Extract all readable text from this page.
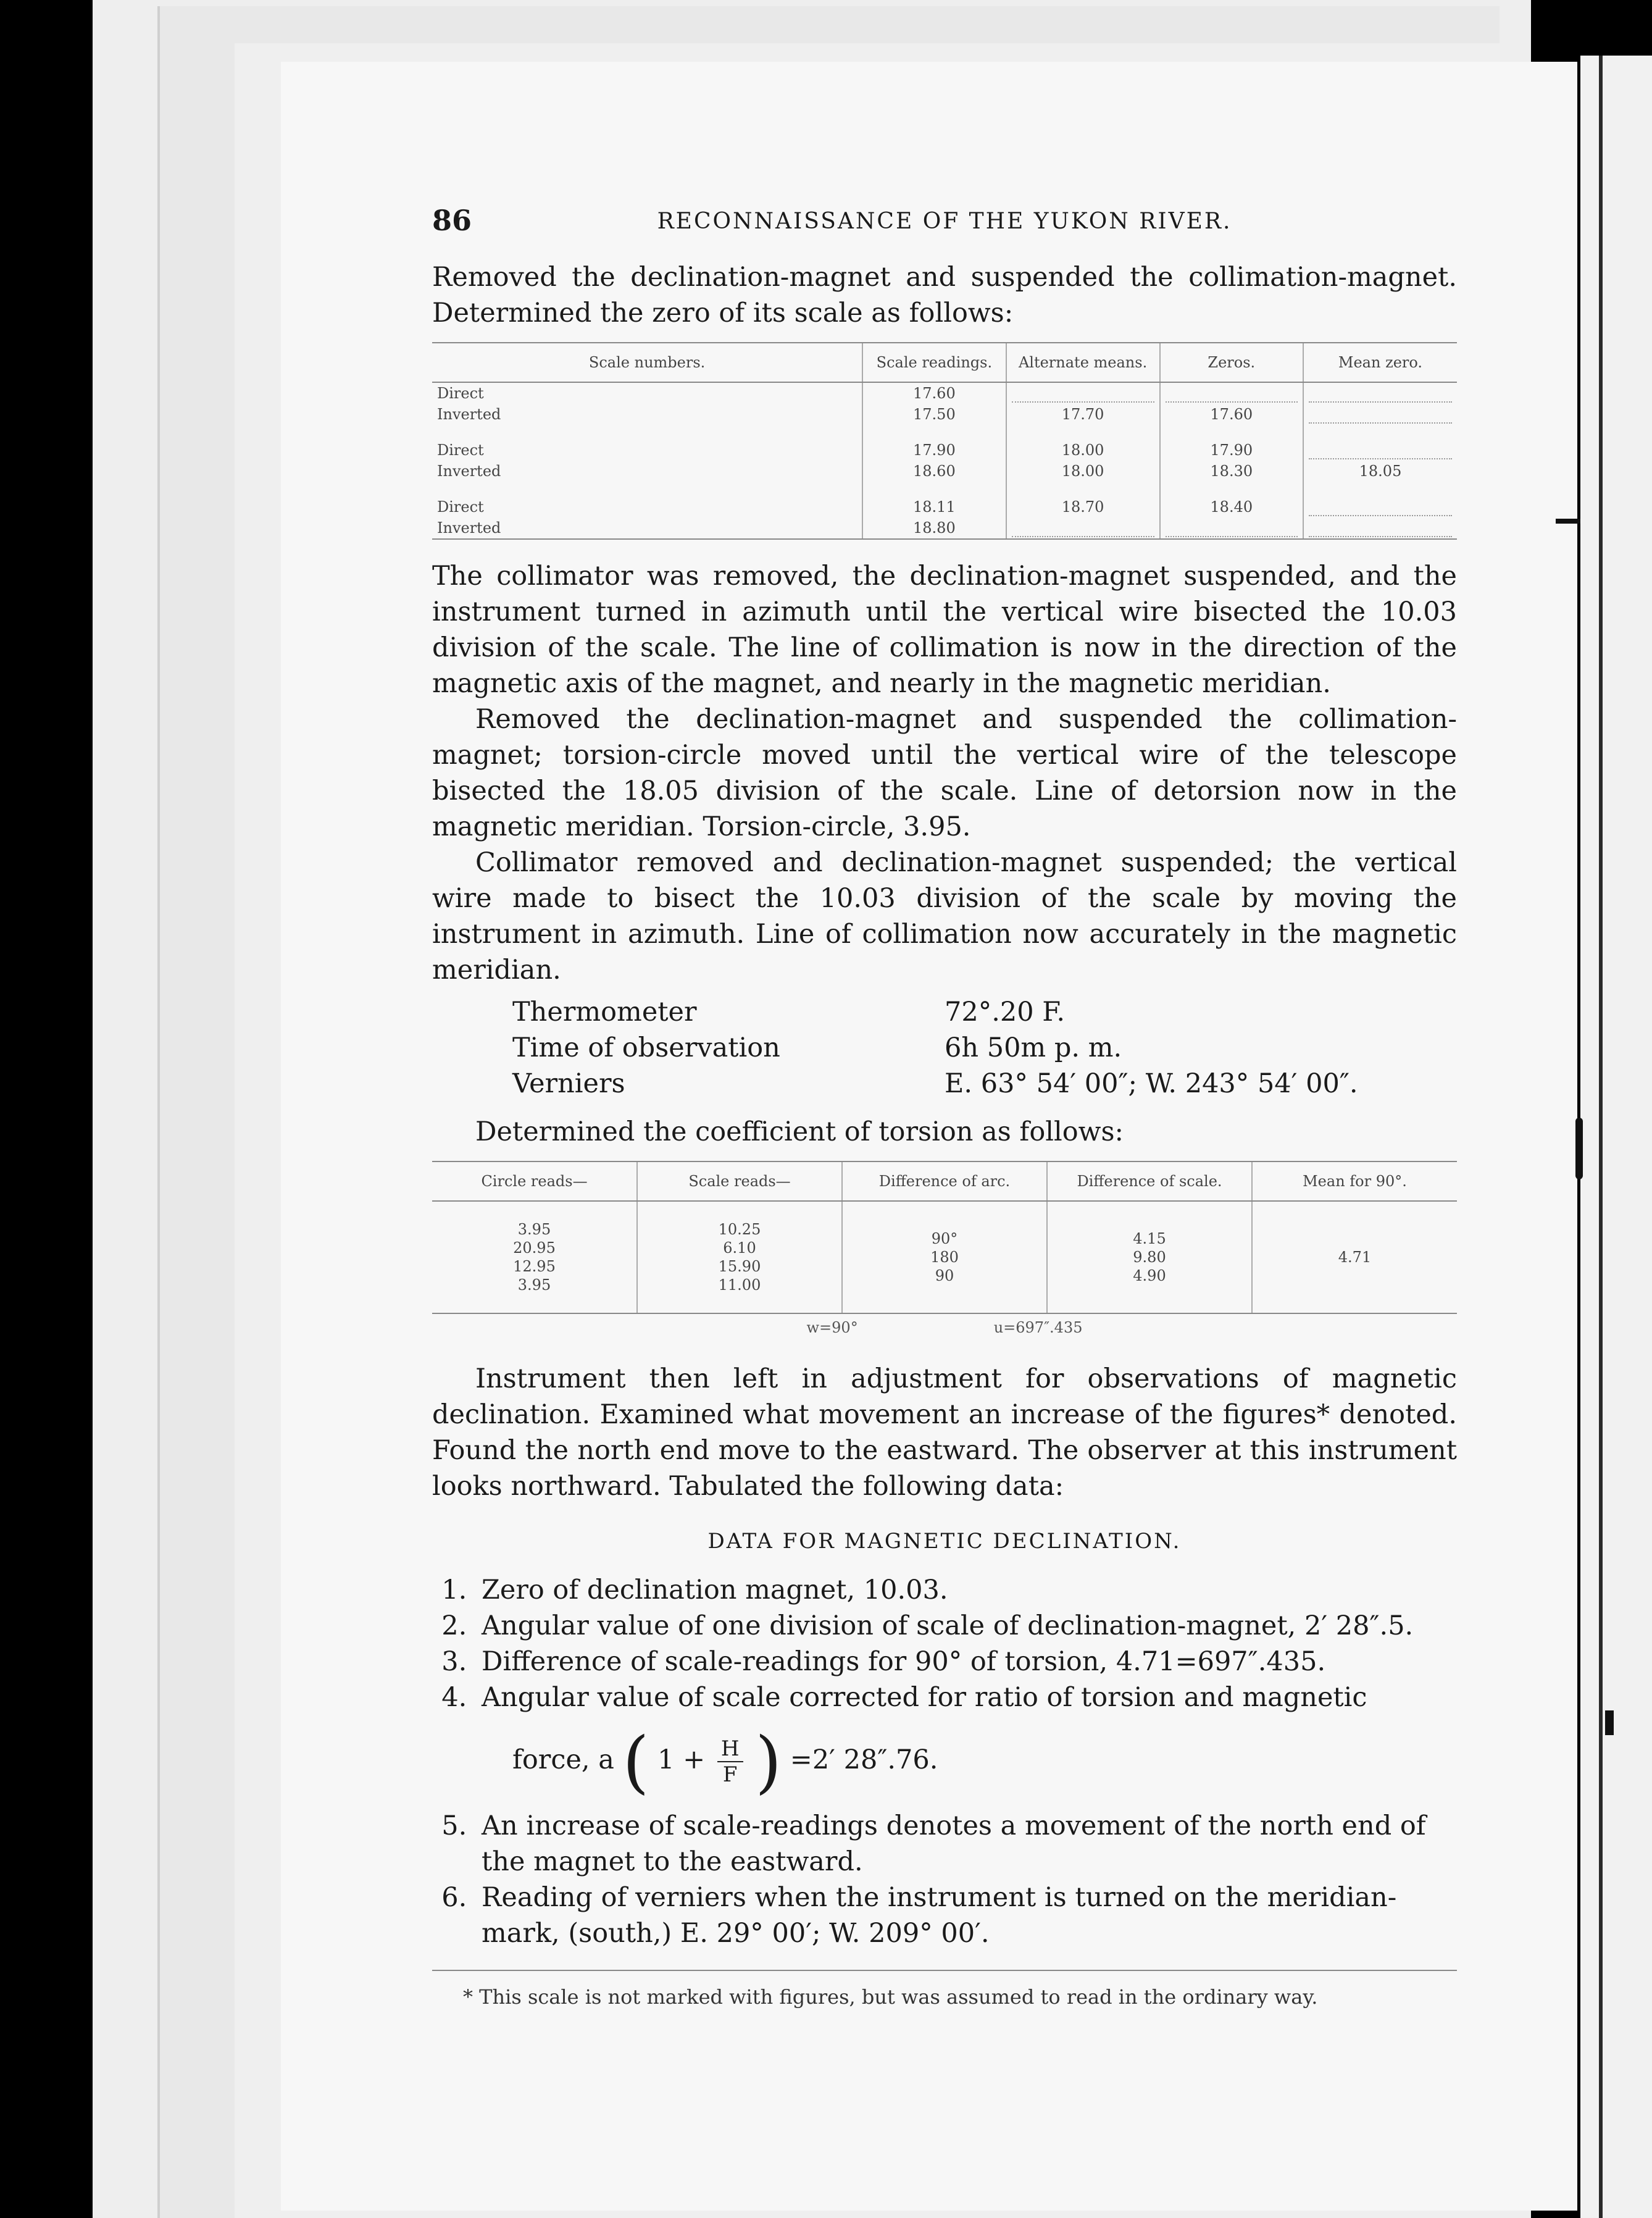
86	RECONNAISSANCE OF THE YUKON RIVER.

Removed the declination-magnet and suspended the collimation-magnet. Determined the zero of its scale as follows:

Scale numbers.	Scale readings.	Alternate means.	Zeros.	Mean zero.
Direct	17.60	

Inverted	17.50	17.70	17.60	

Direct	17.90	18.00	17.90	

Inverted	18.60	18.00	18.30	18.05

Direct	18.11	18.70	18.40	

Inverted	18.80	

The collimator was removed, the declination-magnet suspended, and the instrument turned in azimuth until the vertical wire bisected the 10.03 division of the scale. The line of collimation is now in the direction of the magnetic axis of the magnet, and nearly in the magnetic meridian.

Removed the declination-magnet and suspended the collimation-magnet; torsion-circle moved until the vertical wire of the telescope bisected the 18.05 division of the scale. Line of detorsion now in the magnetic meridian. Torsion-circle, 3.95.

Collimator removed and declination-magnet suspended; the vertical wire made to bisect the 10.03 division of the scale by moving the instrument in azimuth. Line of collimation now accurately in the magnetic meridian.

Thermometer	72°.20 F.
Time of observation	6h 50m p. m.
Verniers	E. 63° 54′ 00″; W. 243° 54′ 00″.

Determined the coefficient of torsion as follows:

Circle reads—	Scale reads—	Difference of arc.	Difference of scale.	Mean for 90°.
3.95
20.95
12.95
3.95	10.25
6.10
15.90
11.00	90°
180
90	4.15
9.80
4.90	4.71
w=90°	u=697″.435

Instrument then left in adjustment for observations of magnetic declination. Examined what movement an increase of the figures* denoted. Found the north end move to the eastward. The observer at this instrument looks northward. Tabulated the following data:

DATA FOR MAGNETIC DECLINATION.
1. Zero of declination magnet, 10.03.
2. Angular value of one division of scale of declination-magnet, 2′ 28″.5.
3. Difference of scale-readings for 90° of torsion, 4.71=697″.435.
4. Angular value of scale corrected for ratio of torsion and magnetic
force, a ( $1 + \frac{H}{F}$ ) =2′ 28″.76.
5. An increase of scale-readings denotes a movement of the north end of the magnet to the eastward.
6. Reading of verniers when the instrument is turned on the meridian-mark, (south,) E. 29° 00′; W. 209° 00′.

* This scale is not marked with figures, but was assumed to read in the ordinary way.
